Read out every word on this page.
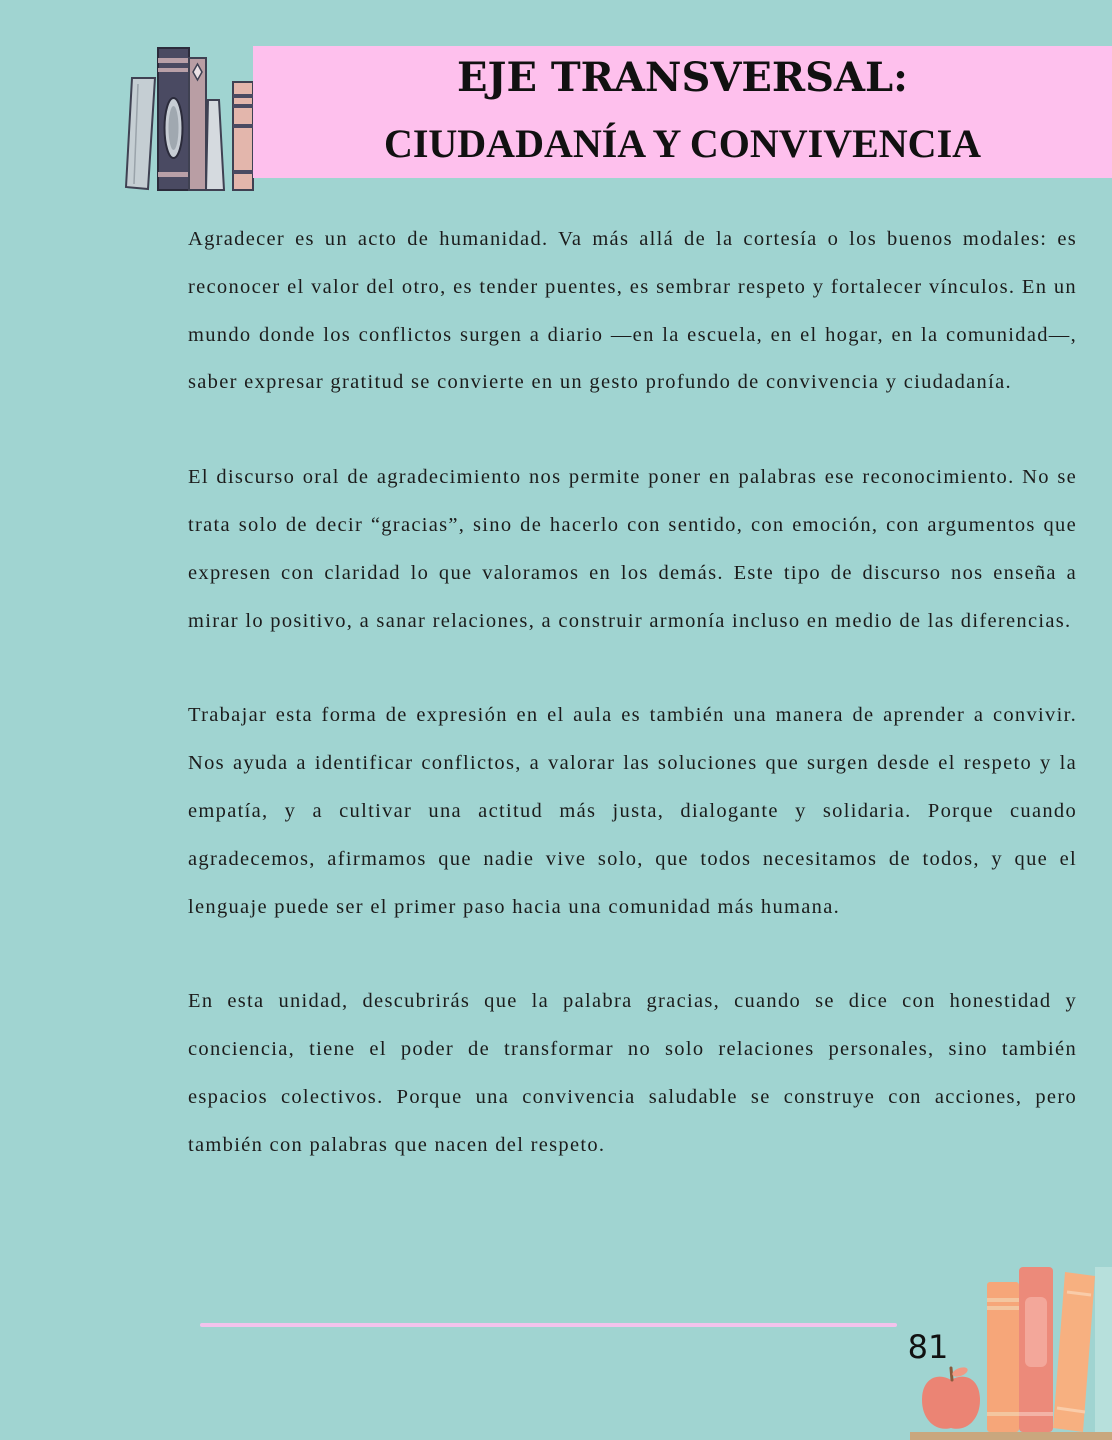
EJE TRANSVERSAL:
CIUDADANÍA Y CONVIVENCIA

Agradecer es un acto de humanidad. Va más allá de la cortesía o los buenos modales: es reconocer el valor del otro, es tender puentes, es sembrar respeto y fortalecer vínculos. En un mundo donde los conflictos surgen a diario —en la escuela, en el hogar, en la comunidad—, saber expresar gratitud se convierte en un gesto profundo de convivencia y ciudadanía.

El discurso oral de agradecimiento nos permite poner en palabras ese reconocimiento. No se trata solo de decir “gracias”, sino de hacerlo con sentido, con emoción, con argumentos que expresen con claridad lo que valoramos en los demás. Este tipo de discurso nos enseña a mirar lo positivo, a sanar relaciones, a construir armonía incluso en medio de las diferencias.

Trabajar esta forma de expresión en el aula es también una manera de aprender a convivir. Nos ayuda a identificar conflictos, a valorar las soluciones que surgen desde el respeto y la empatía, y a cultivar una actitud más justa, dialogante y solidaria. Porque cuando agradecemos, afirmamos que nadie vive solo, que todos necesitamos de todos, y que el lenguaje puede ser el primer paso hacia una comunidad más humana.

En esta unidad, descubrirás que la palabra gracias, cuando se dice con honestidad y conciencia, tiene el poder de transformar no solo relaciones personales, sino también espacios colectivos. Porque una convivencia saludable se construye con acciones, pero también con palabras que nacen del respeto.

81
